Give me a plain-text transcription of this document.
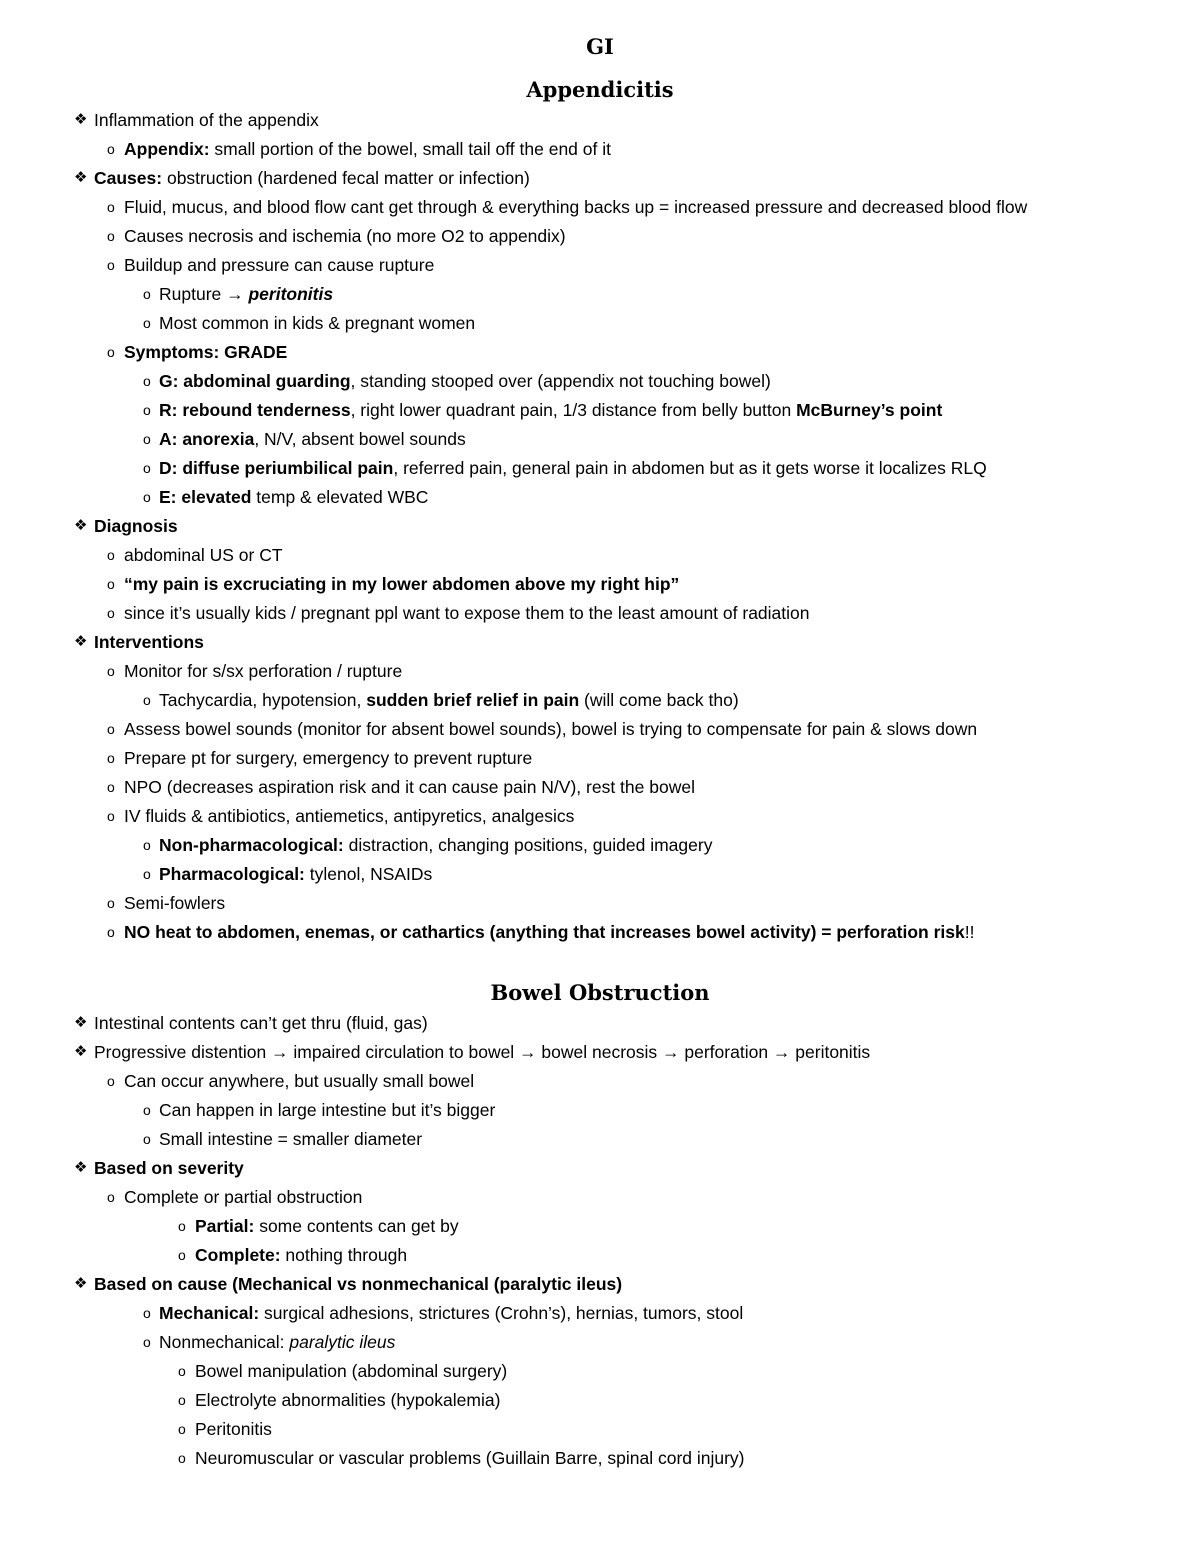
GI
Appendicitis
❖ Inflammation of the appendix
o Appendix: small portion of the bowel, small tail off the end of it
❖ Causes: obstruction (hardened fecal matter or infection)
o Fluid, mucus, and blood flow cant get through & everything backs up = increased pressure and decreased blood flow
o Causes necrosis and ischemia (no more O2 to appendix)
o Buildup and pressure can cause rupture
o Rupture → peritonitis
o Most common in kids & pregnant women
o Symptoms: GRADE
o G: abdominal guarding, standing stooped over (appendix not touching bowel)
o R: rebound tenderness, right lower quadrant pain, 1/3 distance from belly button McBurney’s point
o A: anorexia, N/V, absent bowel sounds
o D: diffuse periumbilical pain, referred pain, general pain in abdomen but as it gets worse it localizes RLQ
o E: elevated temp & elevated WBC
❖ Diagnosis
o abdominal US or CT
o “my pain is excruciating in my lower abdomen above my right hip”
o since it’s usually kids / pregnant ppl want to expose them to the least amount of radiation
❖ Interventions
o Monitor for s/sx perforation / rupture
o Tachycardia, hypotension, sudden brief relief in pain (will come back tho)
o Assess bowel sounds (monitor for absent bowel sounds), bowel is trying to compensate for pain & slows down
o Prepare pt for surgery, emergency to prevent rupture
o NPO (decreases aspiration risk and it can cause pain N/V), rest the bowel
o IV fluids & antibiotics, antiemetics, antipyretics, analgesics
o Non-pharmacological: distraction, changing positions, guided imagery
o Pharmacological: tylenol, NSAIDs
o Semi-fowlers
o NO heat to abdomen, enemas, or cathartics (anything that increases bowel activity) = perforation risk!!
Bowel Obstruction
❖ Intestinal contents can’t get thru (fluid, gas)
❖ Progressive distention → impaired circulation to bowel → bowel necrosis → perforation → peritonitis
o Can occur anywhere, but usually small bowel
o Can happen in large intestine but it’s bigger
o Small intestine = smaller diameter
❖ Based on severity
o Complete or partial obstruction
o Partial: some contents can get by
o Complete: nothing through
❖ Based on cause (Mechanical vs nonmechanical (paralytic ileus)
o Mechanical: surgical adhesions, strictures (Crohn’s), hernias, tumors, stool
o Nonmechanical: paralytic ileus
o Bowel manipulation (abdominal surgery)
o Electrolyte abnormalities (hypokalemia)
o Peritonitis
o Neuromuscular or vascular problems (Guillain Barre, spinal cord injury)
